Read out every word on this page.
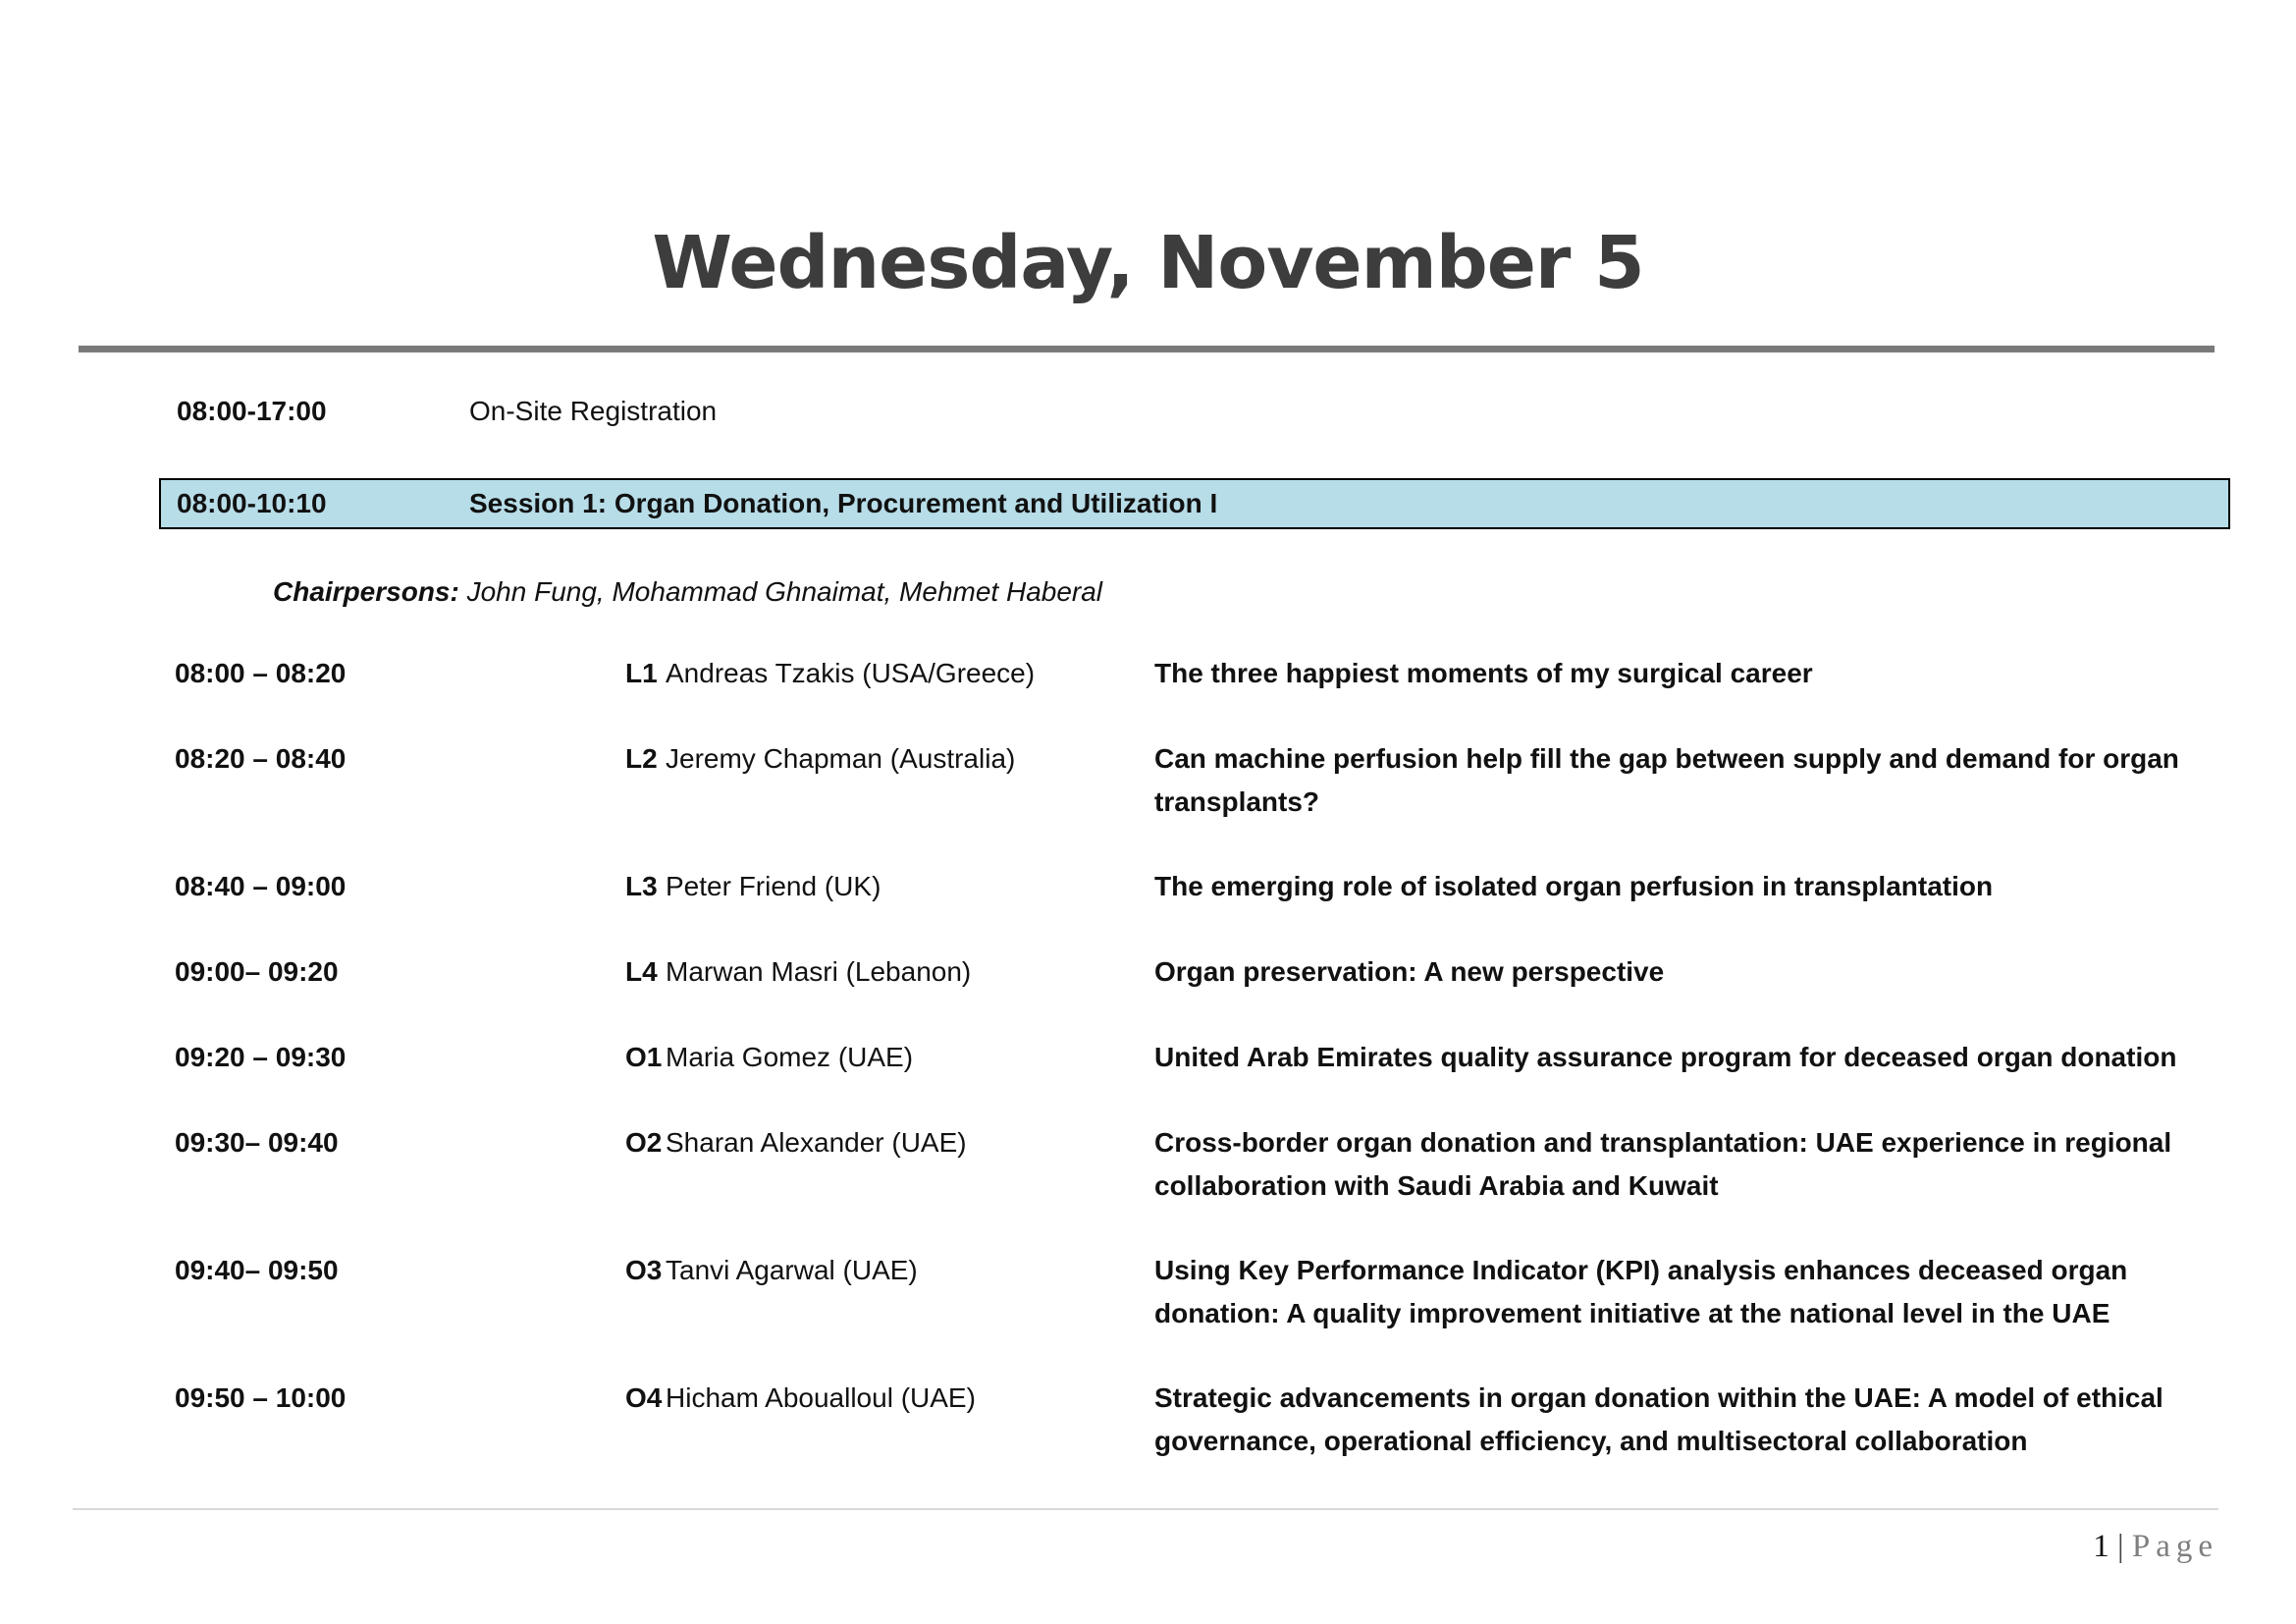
Wednesday, November 5
08:00-17:00	On-Site Registration
08:00-10:10	Session 1: Organ Donation, Procurement and Utilization I
Chairpersons: John Fung, Mohammad Ghnaimat, Mehmet Haberal
08:00 – 08:20	L1 Andreas Tzakis (USA/Greece)	The three happiest moments of my surgical career
08:20 – 08:40	L2 Jeremy Chapman (Australia)	Can machine perfusion help fill the gap between supply and demand for organ transplants?
08:40 – 09:00	L3 Peter Friend (UK)	The emerging role of isolated organ perfusion in transplantation
09:00– 09:20	L4 Marwan Masri (Lebanon)	Organ preservation: A new perspective
09:20 – 09:30	O1 Maria Gomez (UAE)	United Arab Emirates quality assurance program for deceased organ donation
09:30– 09:40	O2 Sharan Alexander (UAE)	Cross-border organ donation and transplantation: UAE experience in regional collaboration with Saudi Arabia and Kuwait
09:40– 09:50	O3 Tanvi Agarwal (UAE)	Using Key Performance Indicator (KPI) analysis enhances deceased organ donation: A quality improvement initiative at the national level in the UAE
09:50 – 10:00	O4 Hicham Aboualloul (UAE)	Strategic advancements in organ donation within the UAE: A model of ethical governance, operational efficiency, and multisectoral collaboration
1 | Page
